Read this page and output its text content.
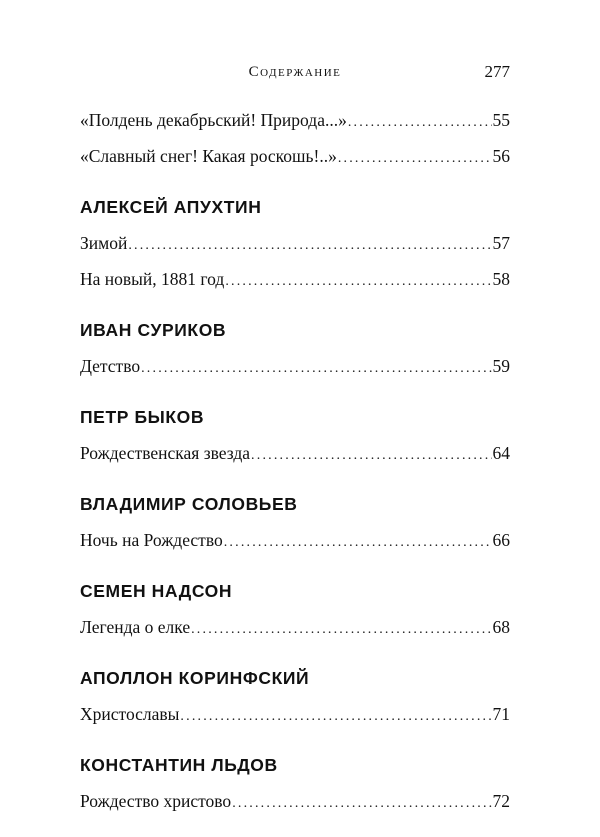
Содержание	277
«Полдень декабрьский! Природа...» .....	55
«Славный снег! Какая роскошь!..» .....	56
АЛЕКСЕЙ АПУХТИН
Зимой .....	57
На новый, 1881 год .....	58
ИВАН СУРИКОВ
Детство .....	59
ПЕТР БЫКОВ
Рождественская звезда .....	64
ВЛАДИМИР СОЛОВЬЕВ
Ночь на Рождество .....	66
СЕМЕН НАДСОН
Легенда о елке .....	68
АПОЛЛОН КОРИНФСКИЙ
Христославы .....	71
КОНСТАНТИН ЛЬДОВ
Рождество христово .....	72
